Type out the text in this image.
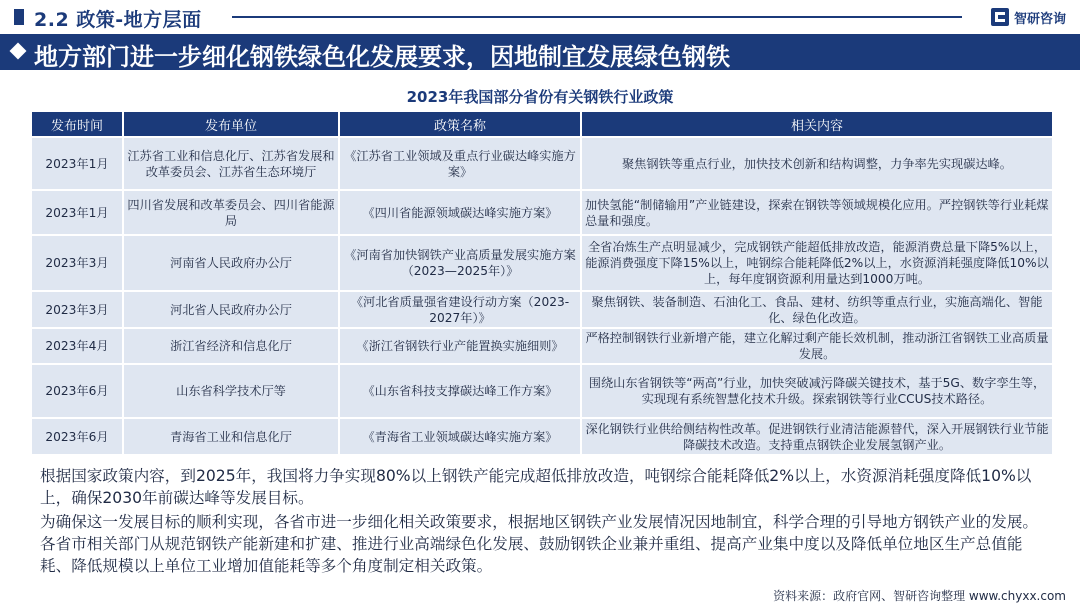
2.2 政策-地方层面	智研咨询
地方部门进一步细化钢铁绿色化发展要求，因地制宜发展绿色钢铁
2023年我国部分省份有关钢铁行业政策
发布时间	发布单位	政策名称	相关内容
2023年1月	江苏省工业和信息化厅、江苏省发展和改革委员会、江苏省生态环境厅	《江苏省工业领域及重点行业碳达峰实施方案》	聚焦钢铁等重点行业，加快技术创新和结构调整，力争率先实现碳达峰。
2023年1月	四川省发展和改革委员会、四川省能源局	《四川省能源领域碳达峰实施方案》	加快氢能“制储输用”产业链建设，探索在钢铁等领域规模化应用。严控钢铁等行业耗煤总量和强度。
2023年3月	河南省人民政府办公厅	《河南省加快钢铁产业高质量发展实施方案（2023—2025年）》	全省冶炼生产点明显减少，完成钢铁产能超低排放改造，能源消费总量下降5%以上，能源消费强度下降15%以上，吨钢综合能耗降低2%以上，水资源消耗强度降低10%以上，每年度钢资源利用量达到1000万吨。
2023年3月	河北省人民政府办公厅	《河北省质量强省建设行动方案（2023-2027年）》	聚焦钢铁、装备制造、石油化工、食品、建材、纺织等重点行业，实施高端化、智能化、绿色化改造。
2023年4月	浙江省经济和信息化厅	《浙江省钢铁行业产能置换实施细则》	严格控制钢铁行业新增产能，建立化解过剩产能长效机制，推动浙江省钢铁工业高质量发展。
2023年6月	山东省科学技术厅等	《山东省科技支撑碳达峰工作方案》	围绕山东省钢铁等“两高”行业，加快突破减污降碳关键技术，基于5G、数字孪生等，实现现有系统智慧化技术升级。探索钢铁等行业CCUS技术路径。
2023年6月	青海省工业和信息化厅	《青海省工业领域碳达峰实施方案》	深化钢铁行业供给侧结构性改革。促进钢铁行业清洁能源替代，深入开展钢铁行业节能降碳技术改造。支持重点钢铁企业发展氢钢产业。
根据国家政策内容，到2025年，我国将力争实现80%以上钢铁产能完成超低排放改造，吨钢综合能耗降低2%以上，水资源消耗强度降低10%以上，确保2030年前碳达峰等发展目标。
为确保这一发展目标的顺利实现，各省市进一步细化相关政策要求，根据地区钢铁产业发展情况因地制宜，科学合理的引导地方钢铁产业的发展。各省市相关部门从规范钢铁产能新建和扩建、推进行业高端绿色化发展、鼓励钢铁企业兼并重组、提高产业集中度以及降低单位地区生产总值能耗、降低规模以上单位工业增加值能耗等多个角度制定相关政策。
资料来源：政府官网、智研咨询整理 www.chyxx.com
